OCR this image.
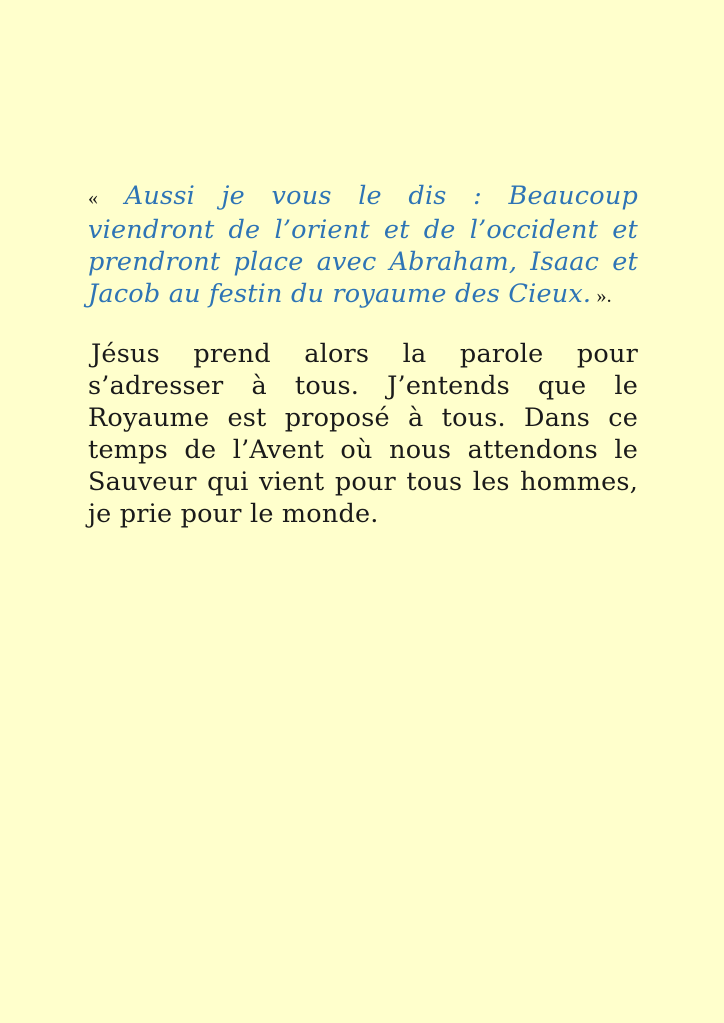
« Aussi je vous le dis : Beaucoup viendront de l’orient et de l’occident et prendront place avec Abraham, Isaac et Jacob au festin du royaume des Cieux. ».

Jésus prend alors la parole pour s’adresser à tous. J’entends que le Royaume est proposé à tous. Dans ce temps de l’Avent où nous attendons le Sauveur qui vient pour tous les hommes, je prie pour le monde.
